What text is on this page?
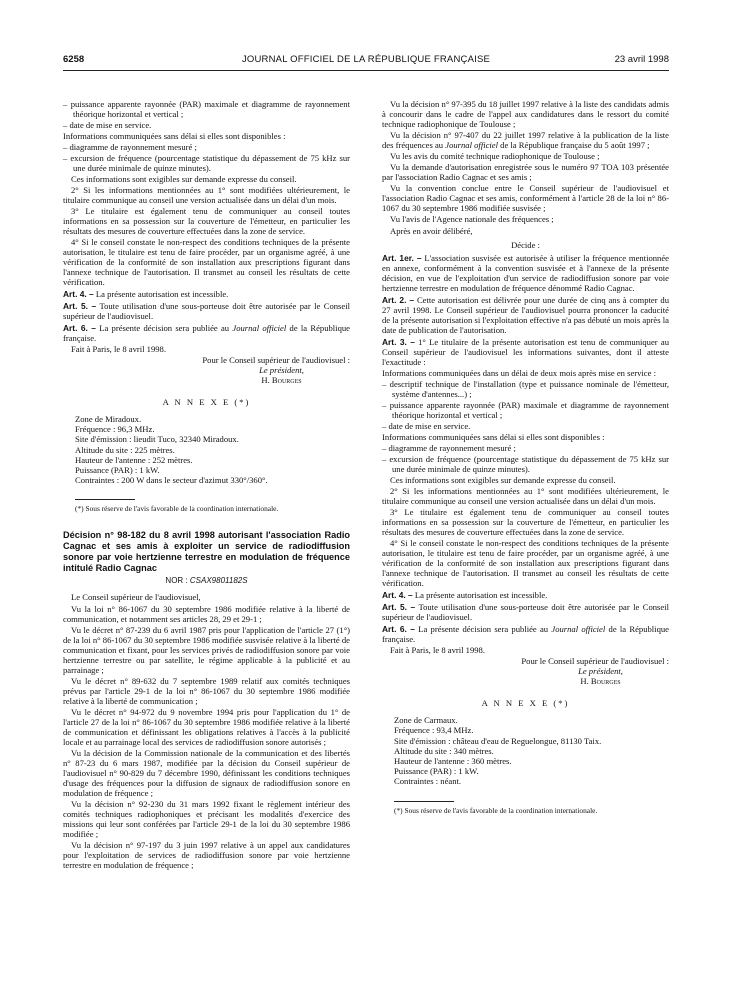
6258	JOURNAL OFFICIEL DE LA RÉPUBLIQUE FRANÇAISE	23 avril 1998

– puissance apparente rayonnée (PAR) maximale et diagramme de rayonnement théorique horizontal et vertical ;

– date de mise en service.

Informations communiquées sans délai si elles sont disponibles :

– diagramme de rayonnement mesuré ;

– excursion de fréquence (pourcentage statistique du dépassement de 75 kHz sur une durée minimale de quinze minutes).

Ces informations sont exigibles sur demande expresse du conseil.

2° Si les informations mentionnées au 1° sont modifiées ultérieurement, le titulaire communique au conseil une version actualisée dans un délai d'un mois.

3° Le titulaire est également tenu de communiquer au conseil toutes informations en sa possession sur la couverture de l'émetteur, en particulier les résultats des mesures de couverture effectuées dans la zone de service.

4° Si le conseil constate le non-respect des conditions techniques de la présente autorisation, le titulaire est tenu de faire procéder, par un organisme agréé, à une vérification de la conformité de son installation aux prescriptions figurant dans l'annexe technique de l'autorisation. Il transmet au conseil les résultats de cette vérification.

Art. 4. – La présente autorisation est incessible.

Art. 5. – Toute utilisation d'une sous-porteuse doit être autorisée par le Conseil supérieur de l'audiovisuel.

Art. 6. – La présente décision sera publiée au Journal officiel de la République française.

Fait à Paris, le 8 avril 1998.

Pour le Conseil supérieur de l'audiovisuel :

Le président,

H. Bourges

A N N E X E (*)

Zone de Miradoux.
Fréquence : 96,3 MHz.
Site d'émission : lieudit Tuco, 32340 Miradoux.
Altitude du site : 225 mètres.
Hauteur de l'antenne : 252 mètres.
Puissance (PAR) : 1 kW.
Contraintes : 200 W dans le secteur d'azimut 330°/360°.

(*) Sous réserve de l'avis favorable de la coordination internationale.

Décision n° 98-182 du 8 avril 1998 autorisant l'association Radio Cagnac et ses amis à exploiter un service de radiodiffusion sonore par voie hertzienne terrestre en modulation de fréquence intitulé Radio Cagnac

NOR : CSAX9801182S

Le Conseil supérieur de l'audiovisuel,

Vu la loi n° 86-1067 du 30 septembre 1986 modifiée relative à la liberté de communication, et notamment ses articles 28, 29 et 29-1 ;

Vu le décret n° 87-239 du 6 avril 1987 pris pour l'application de l'article 27 (1°) de la loi n° 86-1067 du 30 septembre 1986 modifiée susvisée relative à la liberté de communication et fixant, pour les services privés de radiodiffusion sonore par voie hertzienne terrestre ou par satellite, le régime applicable à la publicité et au parrainage ;

Vu le décret n° 89-632 du 7 septembre 1989 relatif aux comités techniques prévus par l'article 29-1 de la loi n° 86-1067 du 30 septembre 1986 modifiée relative à la liberté de communication ;

Vu le décret n° 94-972 du 9 novembre 1994 pris pour l'application du 1° de l'article 27 de la loi n° 86-1067 du 30 septembre 1986 modifiée relative à la liberté de communication et définissant les obligations relatives à l'accès à la publicité locale et au parrainage local des services de radiodiffusion sonore autorisés ;

Vu la décision de la Commission nationale de la communication et des libertés n° 87-23 du 6 mars 1987, modifiée par la décision du Conseil supérieur de l'audiovisuel n° 90-829 du 7 décembre 1990, définissant les conditions techniques d'usage des fréquences pour la diffusion de signaux de radiodiffusion sonore en modulation de fréquence ;

Vu la décision n° 92-230 du 31 mars 1992 fixant le règlement intérieur des comités techniques radiophoniques et précisant les modalités d'exercice des missions qui leur sont conférées par l'article 29-1 de la loi du 30 septembre 1986 modifiée ;

Vu la décision n° 97-197 du 3 juin 1997 relative à un appel aux candidatures pour l'exploitation de services de radiodiffusion sonore par voie hertzienne terrestre en modulation de fréquence ;

Vu la décision n° 97-395 du 18 juillet 1997 relative à la liste des candidats admis à concourir dans le cadre de l'appel aux candidatures dans le ressort du comité technique radiophonique de Toulouse ;

Vu la décision n° 97-407 du 22 juillet 1997 relative à la publication de la liste des fréquences au Journal officiel de la République française du 5 août 1997 ;

Vu les avis du comité technique radiophonique de Toulouse ;

Vu la demande d'autorisation enregistrée sous le numéro 97 TOA 103 présentée par l'association Radio Cagnac et ses amis ;

Vu la convention conclue entre le Conseil supérieur de l'audiovisuel et l'association Radio Cagnac et ses amis, conformément à l'article 28 de la loi n° 86-1067 du 30 septembre 1986 modifiée susvisée ;

Vu l'avis de l'Agence nationale des fréquences ;

Après en avoir délibéré,

Décide :

Art. 1er. – L'association susvisée est autorisée à utiliser la fréquence mentionnée en annexe, conformément à la convention susvisée et à l'annexe de la présente décision, en vue de l'exploitation d'un service de radiodiffusion sonore par voie hertzienne terrestre en modulation de fréquence dénommé Radio Cagnac.

Art. 2. – Cette autorisation est délivrée pour une durée de cinq ans à compter du 27 avril 1998. Le Conseil supérieur de l'audiovisuel pourra prononcer la caducité de la présente autorisation si l'exploitation effective n'a pas débuté un mois après la date de publication de l'autorisation.

Art. 3. – 1° Le titulaire de la présente autorisation est tenu de communiquer au Conseil supérieur de l'audiovisuel les informations suivantes, dont il atteste l'exactitude :

Informations communiquées dans un délai de deux mois après mise en service :

– descriptif technique de l'installation (type et puissance nominale de l'émetteur, système d'antennes...) ;

– puissance apparente rayonnée (PAR) maximale et diagramme de rayonnement théorique horizontal et vertical ;

– date de mise en service.

Informations communiquées sans délai si elles sont disponibles :

– diagramme de rayonnement mesuré ;

– excursion de fréquence (pourcentage statistique du dépassement de 75 kHz sur une durée minimale de quinze minutes).

Ces informations sont exigibles sur demande expresse du conseil.

2° Si les informations mentionnées au 1° sont modifiées ultérieurement, le titulaire communique au conseil une version actualisée dans un délai d'un mois.

3° Le titulaire est également tenu de communiquer au conseil toutes informations en sa possession sur la couverture de l'émetteur, en particulier les résultats des mesures de couverture effectuées dans la zone de service.

4° Si le conseil constate le non-respect des conditions techniques de la présente autorisation, le titulaire est tenu de faire procéder, par un organisme agréé, à une vérification de la conformité de son installation aux prescriptions figurant dans l'annexe technique de l'autorisation. Il transmet au conseil les résultats de cette vérification.

Art. 4. – La présente autorisation est incessible.

Art. 5. – Toute utilisation d'une sous-porteuse doit être autorisée par le Conseil supérieur de l'audiovisuel.

Art. 6. – La présente décision sera publiée au Journal officiel de la République française.

Fait à Paris, le 8 avril 1998.

Pour le Conseil supérieur de l'audiovisuel :

Le président,

H. Bourges

A N N E X E (*)

Zone de Carmaux.
Fréquence : 93,4 MHz.
Site d'émission : château d'eau de Reguelongue, 81130 Taix.
Altitude du site : 340 mètres.
Hauteur de l'antenne : 360 mètres.
Puissance (PAR) : 1 kW.
Contraintes : néant.

(*) Sous réserve de l'avis favorable de la coordination internationale.
